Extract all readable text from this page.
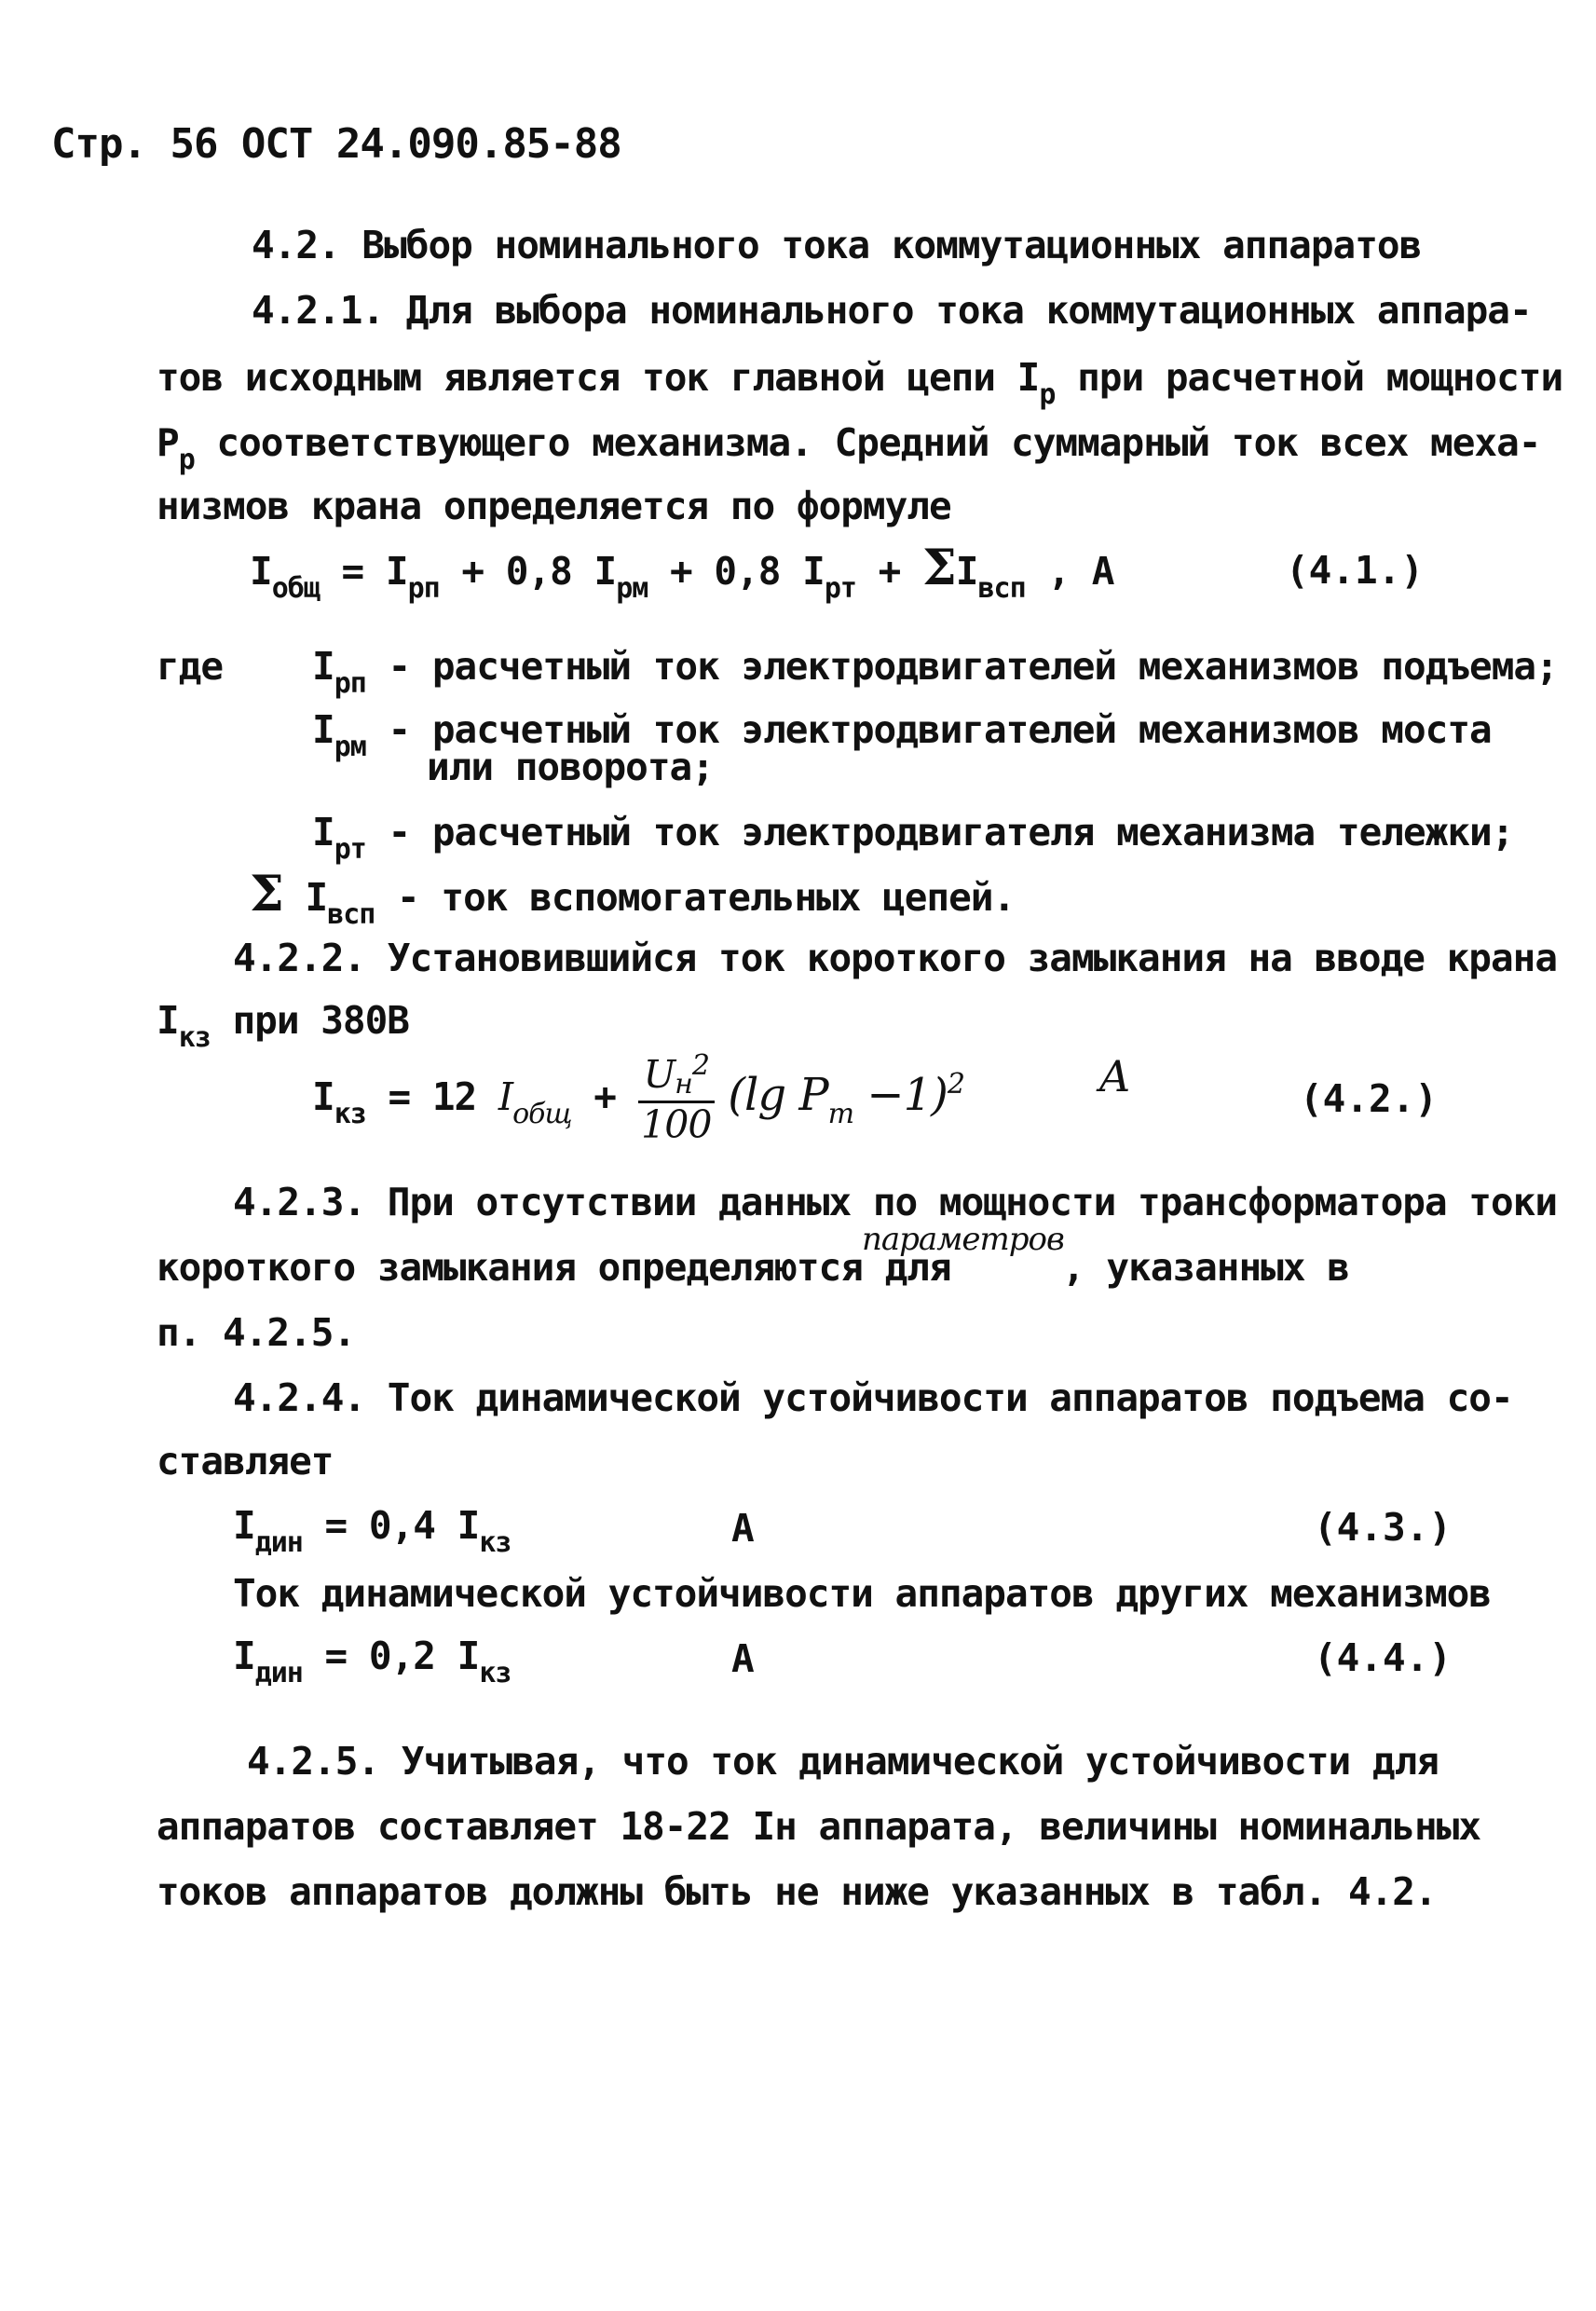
Стр. 56 ОСТ 24.090.85-88
4.2. Выбор номинального тока коммутационных аппаратов
4.2.1. Для выбора номинального тока коммутационных аппара-
тов исходным является ток главной цепи $I_р$ при расчетной мощности
$Р_р$ соответствующего механизма. Средний суммарный ток всех меха-
низмов крана определяется по формуле
$I_{общ} = I_{рп} + 0,8$ $I_{рм} + 0,8$ $I_{рт} + \Sigma I_{всп}$ , А	(4.1.)
где $I_{рп}$ - расчетный ток электродвигателей механизмов подъема;
$I_{рм}$ - расчетный ток электродвигателей механизмов моста
или поворота;
$I_{рт}$ - расчетный ток электродвигателя механизма тележки;
Σ $I_{всп}$ - ток вспомогательных цепей.
4.2.2. Установившийся ток короткого замыкания на вводе крана
$I_{кз}$ при 380В
$I_{кз} = 12$ $I_{общ} + \frac{Uн^2}{100} (\lg$ $P_т -1)^2$	A	(4.2.)
4.2.3. При отсутствии данных по мощности трансформатора токи
параметров
короткого замыкания определяются для	, указанных в
п. 4.2.5.
4.2.4. Ток динамической устойчивости аппаратов подъема со-
ставляет
$I_{дин} = 0,4$ $I_{кз}$	А	(4.3.)
Ток динамической устойчивости аппаратов других механизмов
$I_{дин} = 0,2$ $I_{кз}$	А	(4.4.)
4.2.5. Учитывая, что ток динамической устойчивости для
аппаратов составляет 18-22 Iн аппарата, величины номинальных
токов аппаратов должны быть не ниже указанных в табл. 4.2.
